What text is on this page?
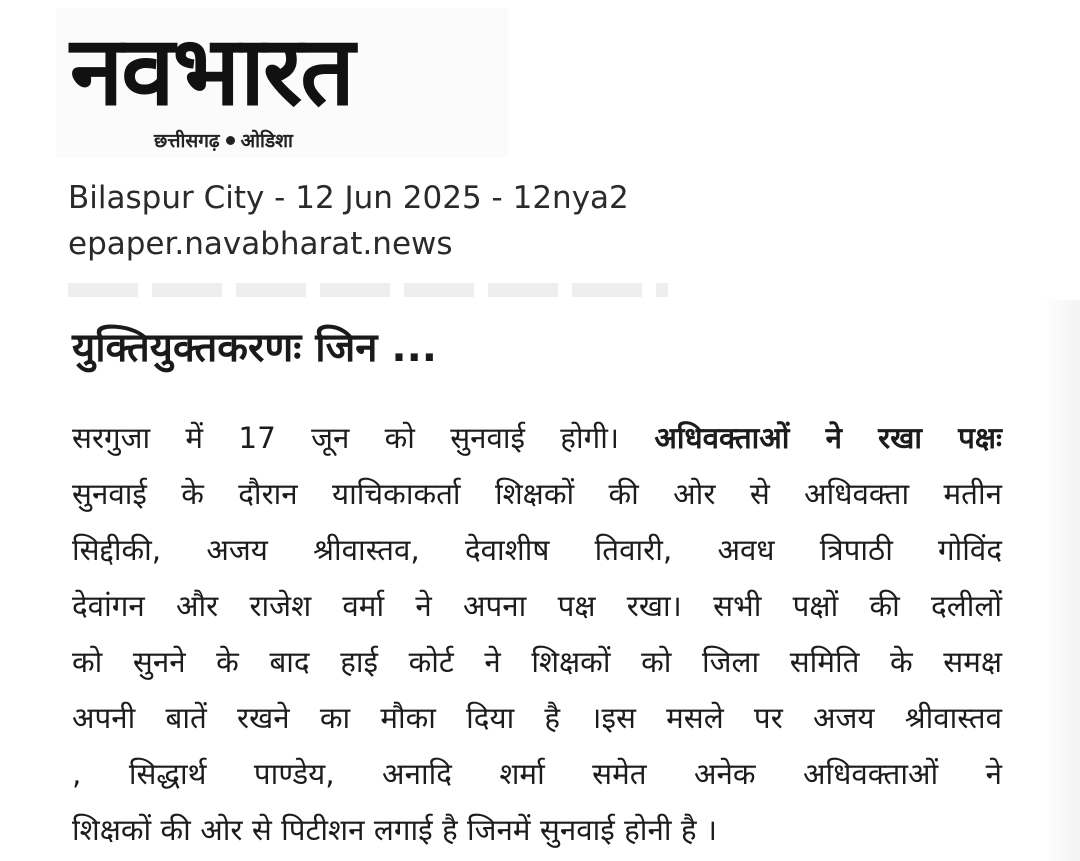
नवभारत
छत्तीसगढ़ ओडिशा
Bilaspur City - 12 Jun 2025 - 12nya2
epaper.navabharat.news
युक्तियुक्तकरणः जिन ...
सरगुजा में 17 जून को सुनवाई होगी। अधिवक्ताओं ने रखा पक्षः
सुनवाई के दौरान याचिकाकर्ता शिक्षकों की ओर से अधिवक्ता मतीन
सिद्दीकी, अजय श्रीवास्तव, देवाशीष तिवारी, अवध त्रिपाठी गोविंद
देवांगन और राजेश वर्मा ने अपना पक्ष रखा। सभी पक्षों की दलीलों
को सुनने के बाद हाई कोर्ट ने शिक्षकों को जिला समिति के समक्ष
अपनी बातें रखने का मौका दिया है ।इस मसले पर अजय श्रीवास्तव
, सिद्धार्थ पाण्डेय, अनादि शर्मा समेत अनेक अधिवक्ताओं ने
शिक्षकों की ओर से पिटीशन लगाई है जिनमें सुनवाई होनी है ।
